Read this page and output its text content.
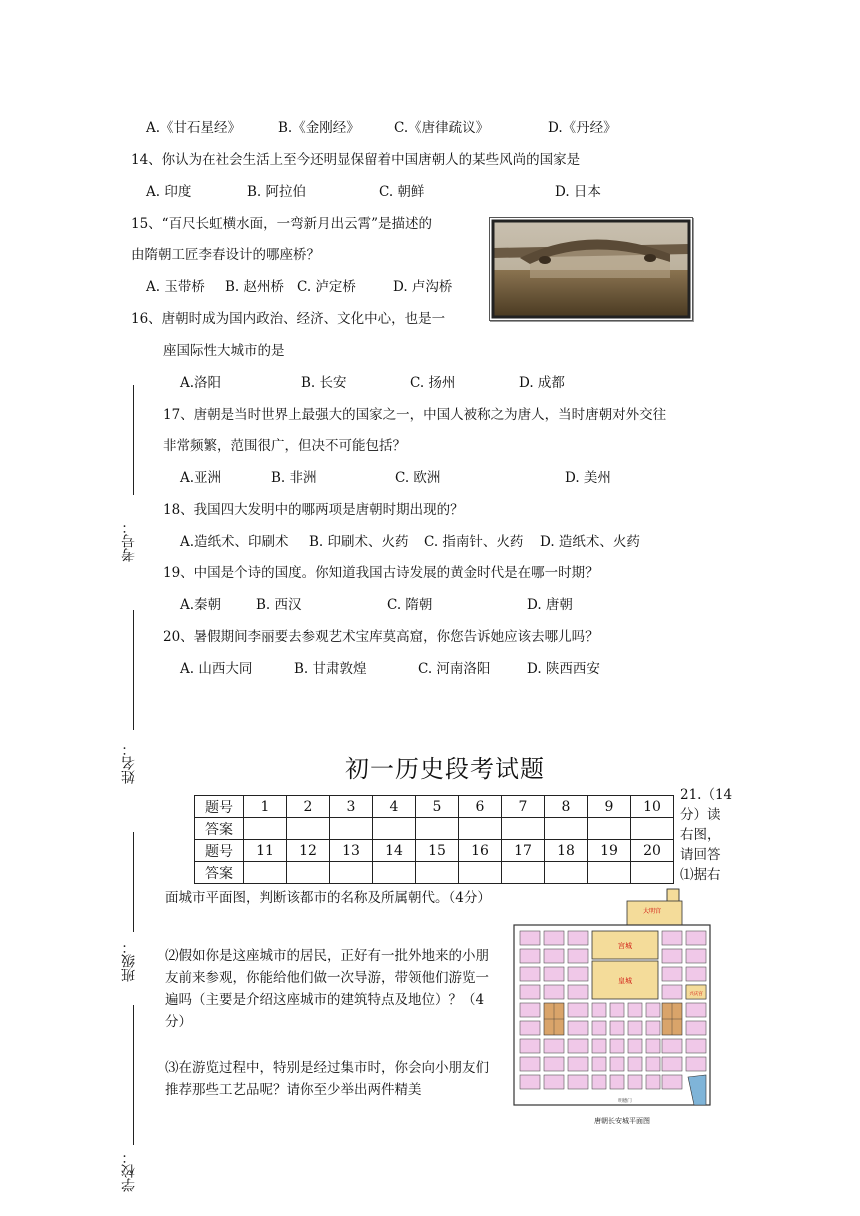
A.《甘石星经》	B.《金刚经》	C.《唐律疏议》	D.《丹经》
14、你认为在社会生活上至今还明显保留着中国唐朝人的某些风尚的国家是
A. 印度	B. 阿拉伯	C. 朝鲜	D. 日本
15、“百尺长虹横水面，一弯新月出云霄”是描述的
由隋朝工匠李春设计的哪座桥？
A. 玉带桥 B. 赵州桥 C. 泸定桥	D. 卢沟桥
16、唐朝时成为国内政治、经济、文化中心，也是一
座国际性大城市的是
A.洛阳	B. 长安	C. 扬州	D. 成都
17、唐朝是当时世界上最强大的国家之一，中国人被称之为唐人，当时唐朝对外交往
非常频繁，范围很广，但决不可能包括？
A.亚洲	B. 非洲	C. 欧洲	D. 美州
18、我国四大发明中的哪两项是唐朝时期出现的？
A.造纸术、印刷术 B. 印刷术、火药 C. 指南针、火药 D. 造纸术、火药
19、中国是个诗的国度。你知道我国古诗发展的黄金时代是在哪一时期？
A.秦朝	B. 西汉	C. 隋朝	D. 唐朝
20、暑假期间李丽要去参观艺术宝库莫高窟，你您告诉她应该去哪儿吗？
A. 山西大同	B. 甘肃敦煌	C. 河南洛阳	D. 陕西西安
初一历史段考试题
题号	1	2	3	4	5	6	7	8	9	10
答案										
题号	11	12	13	14	15	16	17	18	19	20
答案										
21.（14
分）读
右图，
请回答
⑴据右
面城市平面图，判断该都市的名称及所属朝代。（4分）
⑵假如你是这座城市的居民，正好有一批外地来的小朋友前来参观，你能给他们做一次导游，带领他们游览一遍吗（主要是介绍这座城市的建筑特点及地位）？（4分）
⑶在游览过程中，特别是经过集市时，你会向小朋友们推荐那些工艺品呢？请你至少举出两件精美
大明宫
宫城
皇城
兴庆宫
明德门
唐朝长安城平面图
考号：
姓名：
班级：
学校：
